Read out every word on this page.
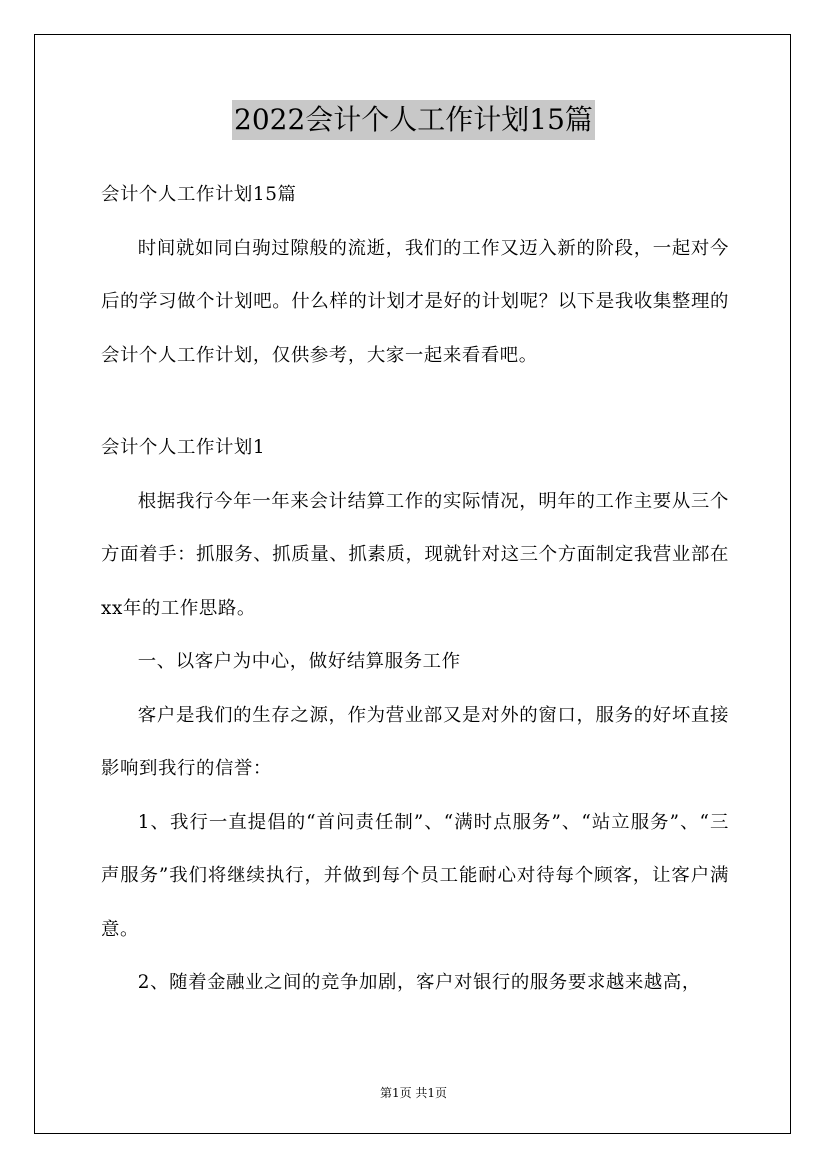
2022会计个人工作计划15篇

会计个人工作计划15篇

时间就如同白驹过隙般的流逝，我们的工作又迈入新的阶段，一起对今后的学习做个计划吧。什么样的计划才是好的计划呢？以下是我收集整理的会计个人工作计划，仅供参考，大家一起来看看吧。

会计个人工作计划1

根据我行今年一年来会计结算工作的实际情况，明年的工作主要从三个方面着手：抓服务、抓质量、抓素质，现就针对这三个方面制定我营业部在xx年的工作思路。

一、以客户为中心，做好结算服务工作

客户是我们的生存之源，作为营业部又是对外的窗口，服务的好坏直接影响到我行的信誉：

1、我行一直提倡的“首问责任制”、“满时点服务”、“站立服务”、“三声服务”我们将继续执行，并做到每个员工能耐心对待每个顾客，让客户满意。

2、随着金融业之间的竞争加剧，客户对银行的服务要求越来越高，

第1页 共1页
